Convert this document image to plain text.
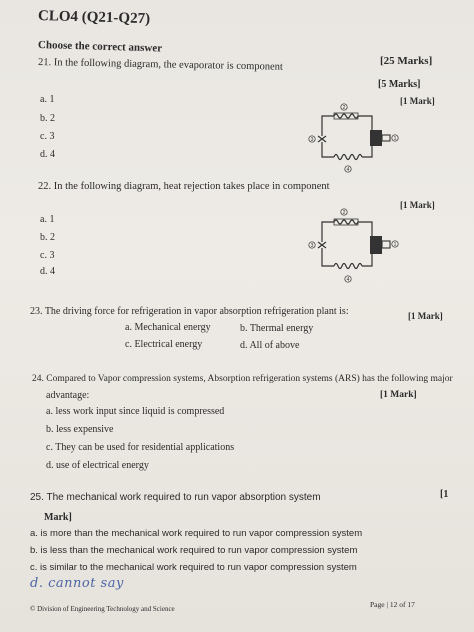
CLO4 (Q21-Q27)
Choose the correct answer
[25 Marks]
21. In the following diagram, the evaporator is component
[5 Marks]
[1 Mark]
a. 1
b. 2
c. 3
d. 4
2
3	1
4
22. In the following diagram, heat rejection takes place in component
[1 Mark]
a. 1
b. 2
c. 3
d. 4
2
3	1
4
23. The driving force for refrigeration in vapor absorption refrigeration plant is:	[1 Mark]
a. Mechanical energy	b. Thermal energy
c. Electrical energy	d. All of above
24. Compared to Vapor compression systems, Absorption refrigeration systems (ARS) has the following major
advantage:	[1 Mark]
a. less work input since liquid is compressed
b. less expensive
c. They can be used for residential applications
d. use of electrical energy
25. The mechanical work required to run vapor absorption system	[1
Mark]
a. is more than the mechanical work required to run vapor compression system
b. is less than the mechanical work required to run vapor compression system
c. is similar to the mechanical work required to run vapor compression system
d. cannot say
© Division of Engineering Technology and Science	Page | 12 of 17
